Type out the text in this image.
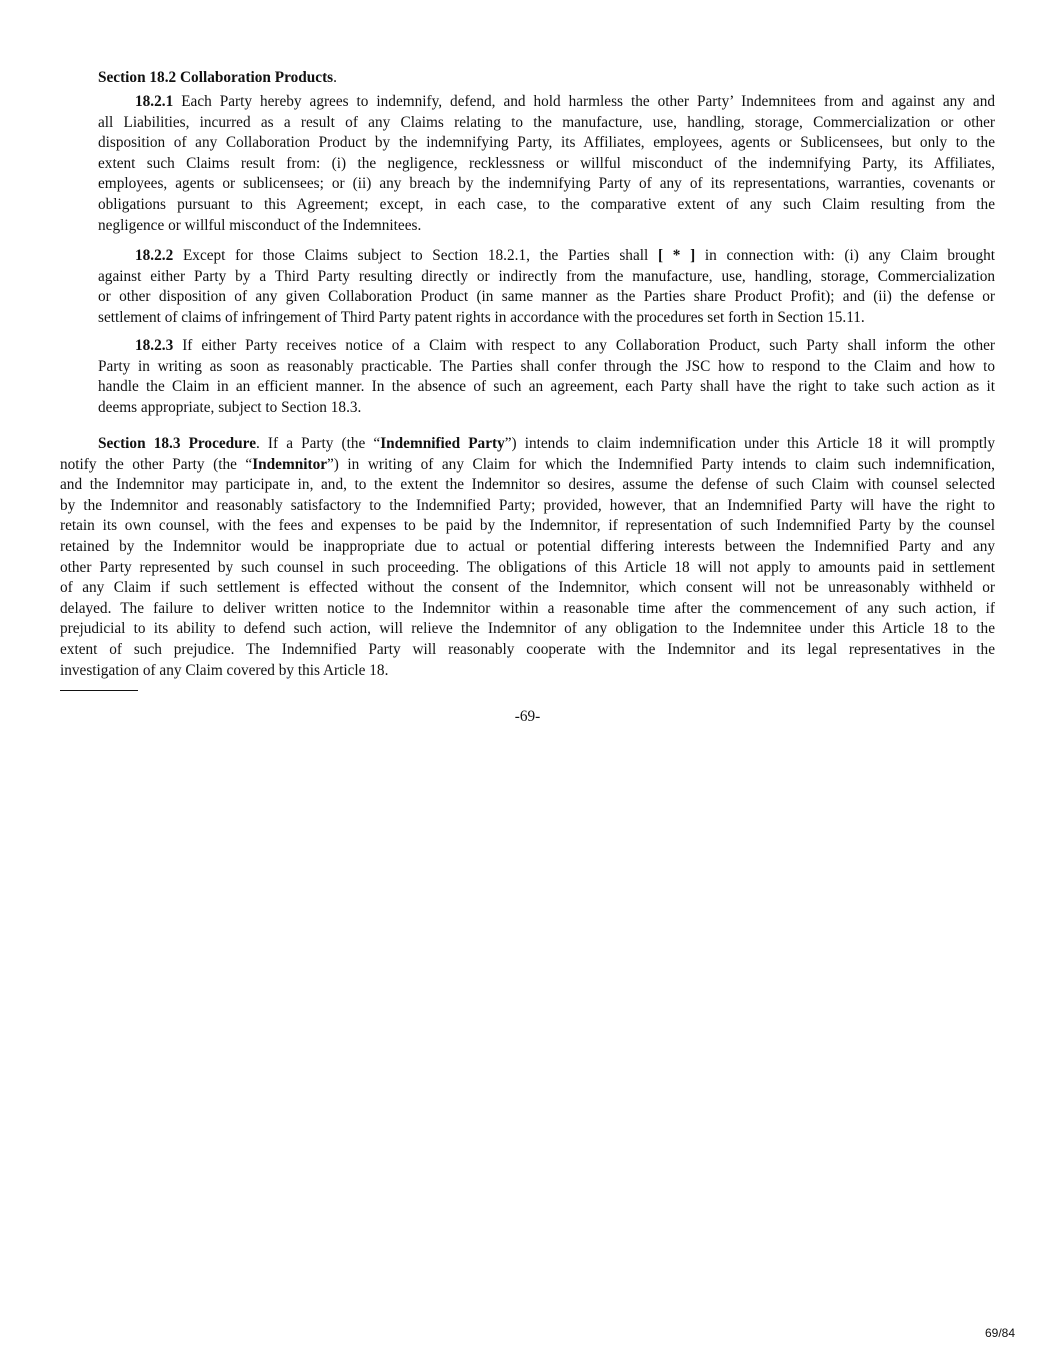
Section 18.2 Collaboration Products.
18.2.1 Each Party hereby agrees to indemnify, defend, and hold harmless the other Party’ Indemnitees from and against any and
all Liabilities, incurred as a result of any Claims relating to the manufacture, use, handling, storage, Commercialization or other
disposition of any Collaboration Product by the indemnifying Party, its Affiliates, employees, agents or Sublicensees, but only to the
extent such Claims result from: (i) the negligence, recklessness or willful misconduct of the indemnifying Party, its Affiliates,
employees, agents or sublicensees; or (ii) any breach by the indemnifying Party of any of its representations, warranties, covenants or
obligations pursuant to this Agreement; except, in each case, to the comparative extent of any such Claim resulting from the
negligence or willful misconduct of the Indemnitees.
18.2.2 Except for those Claims subject to Section 18.2.1, the Parties shall [ * ] in connection with: (i) any Claim brought
against either Party by a Third Party resulting directly or indirectly from the manufacture, use, handling, storage, Commercialization
or other disposition of any given Collaboration Product (in same manner as the Parties share Product Profit); and (ii) the defense or
settlement of claims of infringement of Third Party patent rights in accordance with the procedures set forth in Section 15.11.
18.2.3 If either Party receives notice of a Claim with respect to any Collaboration Product, such Party shall inform the other
Party in writing as soon as reasonably practicable. The Parties shall confer through the JSC how to respond to the Claim and how to
handle the Claim in an efficient manner. In the absence of such an agreement, each Party shall have the right to take such action as it
deems appropriate, subject to Section 18.3.
Section 18.3 Procedure. If a Party (the “Indemnified Party”) intends to claim indemnification under this Article 18 it will promptly
notify the other Party (the “Indemnitor”) in writing of any Claim for which the Indemnified Party intends to claim such indemnification,
and the Indemnitor may participate in, and, to the extent the Indemnitor so desires, assume the defense of such Claim with counsel selected
by the Indemnitor and reasonably satisfactory to the Indemnified Party; provided, however, that an Indemnified Party will have the right to
retain its own counsel, with the fees and expenses to be paid by the Indemnitor, if representation of such Indemnified Party by the counsel
retained by the Indemnitor would be inappropriate due to actual or potential differing interests between the Indemnified Party and any
other Party represented by such counsel in such proceeding. The obligations of this Article 18 will not apply to amounts paid in settlement
of any Claim if such settlement is effected without the consent of the Indemnitor, which consent will not be unreasonably withheld or
delayed. The failure to deliver written notice to the Indemnitor within a reasonable time after the commencement of any such action, if
prejudicial to its ability to defend such action, will relieve the Indemnitor of any obligation to the Indemnitee under this Article 18 to the
extent of such prejudice. The Indemnified Party will reasonably cooperate with the Indemnitor and its legal representatives in the
investigation of any Claim covered by this Article 18.
-69-
69/84
